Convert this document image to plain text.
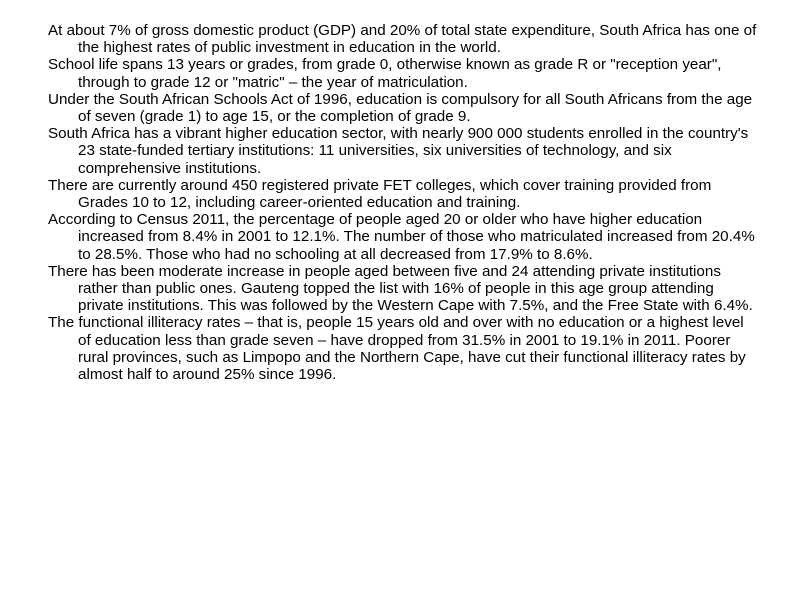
At about 7% of gross domestic product (GDP) and 20% of total state expenditure, South Africa has one of the highest rates of public investment in education in the world.

School life spans 13 years or grades, from grade 0, otherwise known as grade R or "reception year", through to grade 12 or "matric" – the year of matriculation.

Under the South African Schools Act of 1996, education is compulsory for all South Africans from the age of seven (grade 1) to age 15, or the completion of grade 9.

South Africa has a vibrant higher education sector, with nearly 900 000 students enrolled in the country's 23 state-funded tertiary institutions: 11 universities, six universities of technology, and six comprehensive institutions.

There are currently around 450 registered private FET colleges, which cover training provided from Grades 10 to 12, including career-oriented education and training.

According to Census 2011, the percentage of people aged 20 or older who have higher education increased from 8.4% in 2001 to 12.1%. The number of those who matriculated increased from 20.4% to 28.5%. Those who had no schooling at all decreased from 17.9% to 8.6%.

There has been moderate increase in people aged between five and 24 attending private institutions rather than public ones. Gauteng topped the list with 16% of people in this age group attending private institutions. This was followed by the Western Cape with 7.5%, and the Free State with 6.4%.

The functional illiteracy rates – that is, people 15 years old and over with no education or a highest level of education less than grade seven – have dropped from 31.5% in 2001 to 19.1% in 2011. Poorer rural provinces, such as Limpopo and the Northern Cape, have cut their functional illiteracy rates by almost half to around 25% since 1996.
